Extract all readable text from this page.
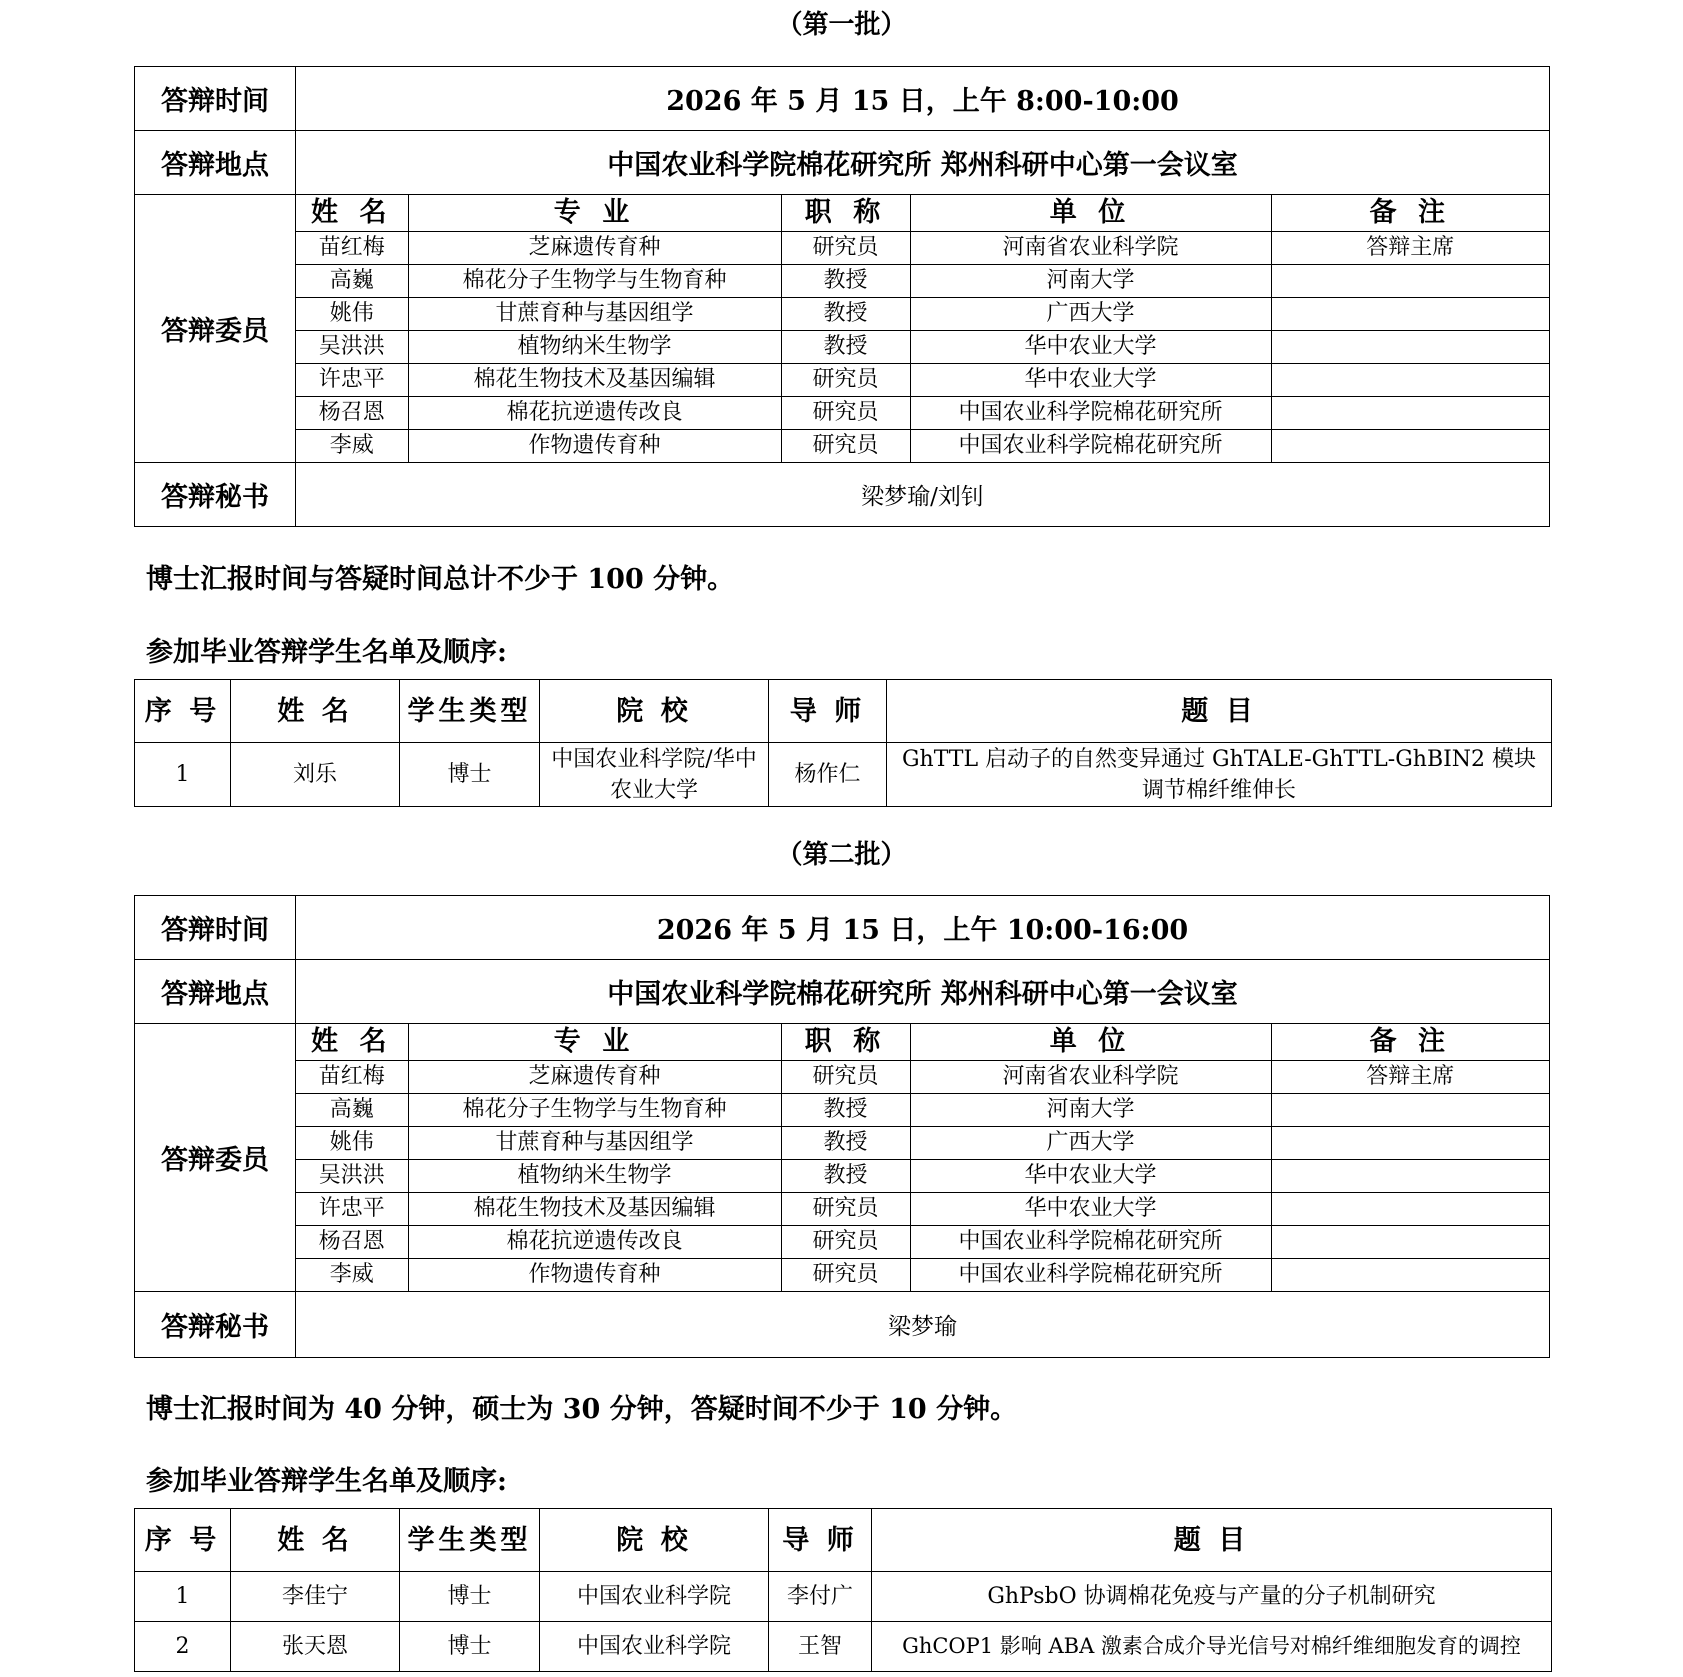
（第一批）
答辩时间	2026 年 5 月 15 日，上午 8:00-10:00
答辩地点	中国农业科学院棉花研究所 郑州科研中心第一会议室
答辩委员	
姓 名	专 业	职 称	单 位	备 注
苗红梅	芝麻遗传育种	研究员	河南省农业科学院	答辩主席
高巍	棉花分子生物学与生物育种	教授	河南大学	
姚伟	甘蔗育种与基因组学	教授	广西大学	
吴洪洪	植物纳米生物学	教授	华中农业大学	
许忠平	棉花生物技术及基因编辑	研究员	华中农业大学	
杨召恩	棉花抗逆遗传改良	研究员	中国农业科学院棉花研究所	
李威	作物遗传育种	研究员	中国农业科学院棉花研究所	

答辩秘书	梁梦瑜/刘钊
博士汇报时间与答疑时间总计不少于 100 分钟。
参加毕业答辩学生名单及顺序:
序 号	姓 名	学生类型	院 校	导 师	题 目
1	刘乐	博士	中国农业科学院/华中农业大学	杨作仁	GhTTL 启动子的自然变异通过 GhTALE-GhTTL-GhBIN2 模块调节棉纤维伸长
（第二批）
答辩时间	2026 年 5 月 15 日，上午 10:00-16:00
答辩地点	中国农业科学院棉花研究所 郑州科研中心第一会议室
答辩委员	
姓 名	专 业	职 称	单 位	备 注
苗红梅	芝麻遗传育种	研究员	河南省农业科学院	答辩主席
高巍	棉花分子生物学与生物育种	教授	河南大学	
姚伟	甘蔗育种与基因组学	教授	广西大学	
吴洪洪	植物纳米生物学	教授	华中农业大学	
许忠平	棉花生物技术及基因编辑	研究员	华中农业大学	
杨召恩	棉花抗逆遗传改良	研究员	中国农业科学院棉花研究所	
李威	作物遗传育种	研究员	中国农业科学院棉花研究所	

答辩秘书	梁梦瑜
博士汇报时间为 40 分钟，硕士为 30 分钟，答疑时间不少于 10 分钟。
参加毕业答辩学生名单及顺序:
序 号	姓 名	学生类型	院 校	导 师	题 目
1	李佳宁	博士	中国农业科学院	李付广	GhPsbO 协调棉花免疫与产量的分子机制研究
2	张天恩	博士	中国农业科学院	王智	GhCOP1 影响 ABA 激素合成介导光信号对棉纤维细胞发育的调控
